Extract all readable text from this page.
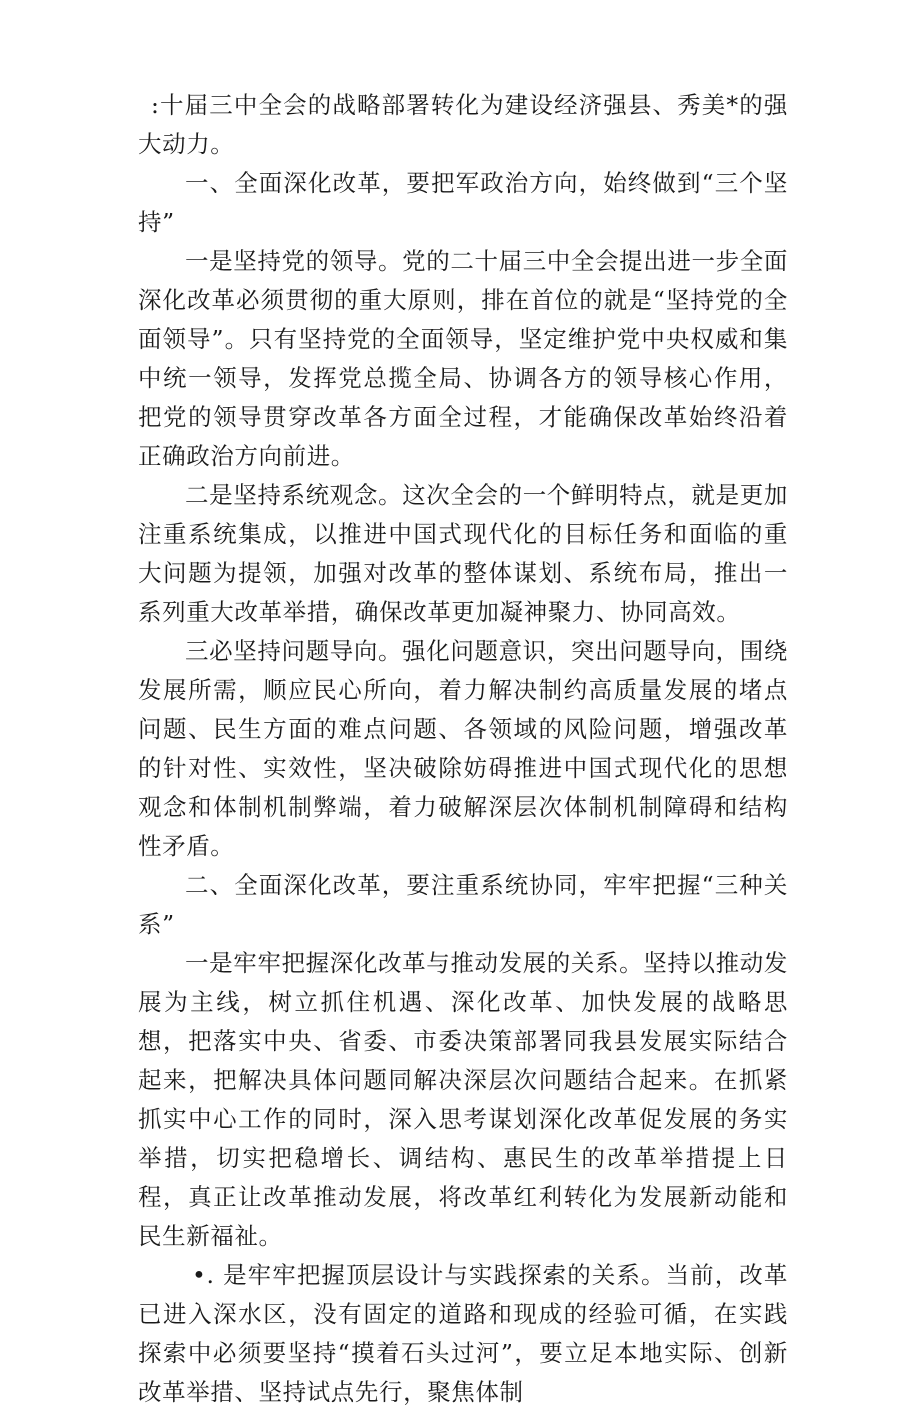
:十届三中全会的战略部署转化为建设经济强县、秀美*的强大动力。

一、全面深化改革，要把军政治方向，始终做到“三个坚持”

一是坚持党的领导。党的二十届三中全会提出进一步全面深化改革必须贯彻的重大原则，排在首位的就是“坚持党的全面领导”。只有坚持党的全面领导，坚定维护党中央权威和集中统一领导，发挥党总揽全局、协调各方的领导核心作用，把党的领导贯穿改革各方面全过程，才能确保改革始终沿着正确政治方向前进。

二是坚持系统观念。这次全会的一个鲜明特点，就是更加注重系统集成，以推进中国式现代化的目标任务和面临的重大问题为提领，加强对改革的整体谋划、系统布局，推出一系列重大改革举措，确保改革更加凝神聚力、协同高效。

三必坚持问题导向。强化问题意识，突出问题导向，围绕发展所需，顺应民心所向，着力解决制约高质量发展的堵点问题、民生方面的难点问题、各领域的风险问题，增强改革的针对性、实效性，坚决破除妨碍推进中国式现代化的思想观念和体制机制弊端，着力破解深层次体制机制障碍和结构性矛盾。

二、全面深化改革，要注重系统协同，牢牢把握“三种关系”

一是牢牢把握深化改革与推动发展的关系。坚持以推动发展为主线，树立抓住机遇、深化改革、加快发展的战略思想，把落实中央、省委、市委决策部署同我县发展实际结合起来，把解决具体问题同解决深层次问题结合起来。在抓紧抓实中心工作的同时，深入思考谋划深化改革促发展的务实举措，切实把稳增长、调结构、惠民生的改革举措提上日程，真正让改革推动发展，将改革红利转化为发展新动能和民生新福祉。

•. 是牢牢把握顶层设计与实践探索的关系。当前，改革已进入深水区，没有固定的道路和现成的经验可循，在实践探索中必须要坚持“摸着石头过河”，要立足本地实际、创新改革举措、坚持试点先行，聚焦体制
